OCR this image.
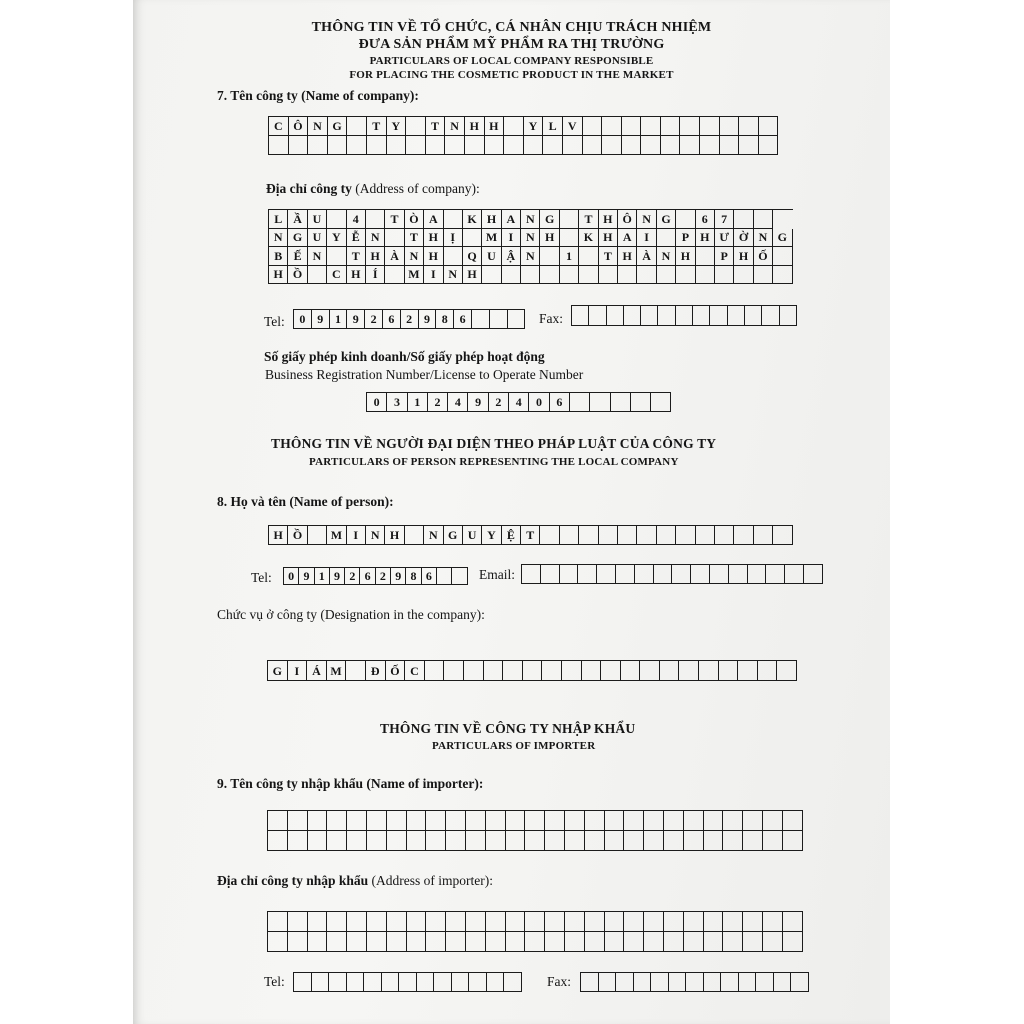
THÔNG TIN VỀ TỔ CHỨC, CÁ NHÂN CHỊU TRÁCH NHIỆM
ĐƯA SẢN PHẨM MỸ PHẨM RA THỊ TRƯỜNG
PARTICULARS OF LOCAL COMPANY RESPONSIBLE
FOR PLACING THE COSMETIC PRODUCT IN THE MARKET
7. Tên công ty (Name of company):
C Ô N G	T Y	T N H H	Y L V
Địa chỉ công ty (Address of company):
L Ầ U	4	T Ò A	K H A N G	T H Ô N G	6	7
N G U Y Ễ N	T H	Ị	M I	N H	K H A	I	P H Ư Ờ N G
B Ế N	T H À N H	Q U Ậ N	1	T H À N H	P H Ố
H Ồ	C H	Í	M I	N H
Tel:	0 9 1 9 2 6 2 9 8 6	Fax:
Số giấy phép kinh doanh/Số giấy phép hoạt động
Business Registration Number/License to Operate Number
0	3	1	2	4	9	2	4	0	6
THÔNG TIN VỀ NGƯỜI ĐẠI DIỆN THEO PHÁP LUẬT CỦA CÔNG TY
PARTICULARS OF PERSON REPRESENTING THE LOCAL COMPANY
8. Họ và tên (Name of person):
H Ồ	M I	N H	N G U Y Ệ T
Tel:	0 9 1 9 2 6 2 9 8 6	Email:
Chức vụ ở công ty (Designation in the company):
G	I	Á M	Đ Ố C
THÔNG TIN VỀ CÔNG TY NHẬP KHẨU
PARTICULARS OF IMPORTER
9. Tên công ty nhập khẩu (Name of importer):
Địa chỉ công ty nhập khẩu (Address of importer):
Tel:	Fax:
